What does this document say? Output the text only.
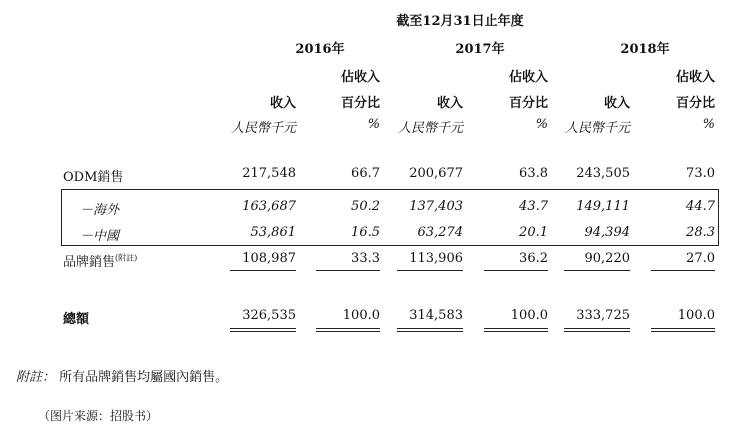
截至12月31日止年度
2016年	2017年	2018年
佔收入	佔收入	佔收入
收入	百分比	收入	百分比	收入	百分比
人民幣千元	%	人民幣千元	%	人民幣千元	%
ODM銷售	217,548	66.7	200,677	63.8	243,505	73.0
－海外	163,687	50.2	137,403	43.7	149,111	44.7
－中國	53,861	16.5	63,274	20.1	94,394	28.3
品牌銷售$^{(附註)}$	108,987	33.3	113,906	36.2	90,220	27.0
總額	326,535	100.0	314,583	100.0	333,725	100.0
附註： 所有品牌銷售均屬國內銷售。
（图片来源：招股书）
